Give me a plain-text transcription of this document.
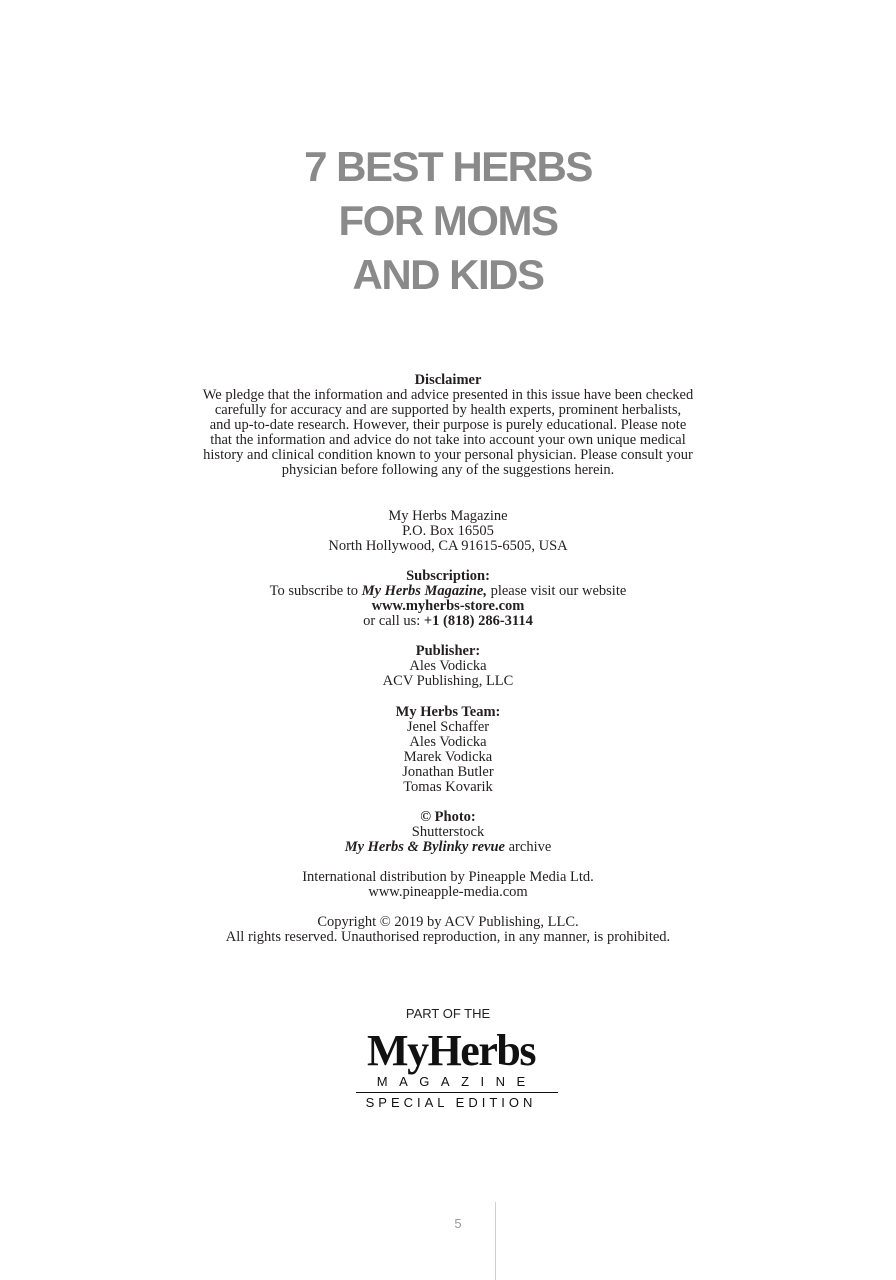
7 BEST HERBS
FOR MOMS
AND KIDS
Disclaimer
We pledge that the information and advice presented in this issue have been checked
carefully for accuracy and are supported by health experts, prominent herbalists,
and up-to-date research. However, their purpose is purely educational. Please note
that the information and advice do not take into account your own unique medical
history and clinical condition known to your personal physician. Please consult your
physician before following any of the suggestions herein.
My Herbs Magazine
P.O. Box 16505
North Hollywood, CA 91615-6505, USA
Subscription:
To subscribe to My Herbs Magazine, please visit our website
www.myherbs-store.com
or call us: +1 (818) 286-3114
Publisher:
Ales Vodicka
ACV Publishing, LLC
My Herbs Team:
Jenel Schaffer
Ales Vodicka
Marek Vodicka
Jonathan Butler
Tomas Kovarik
© Photo:
Shutterstock
My Herbs & Bylinky revue archive
International distribution by Pineapple Media Ltd.
www.pineapple-media.com
Copyright © 2019 by ACV Publishing, LLC.
All rights reserved. Unauthorised reproduction, in any manner, is prohibited.
PART OF THE
MyHerbs
MAGAZINE
SPECIAL EDITION
5
